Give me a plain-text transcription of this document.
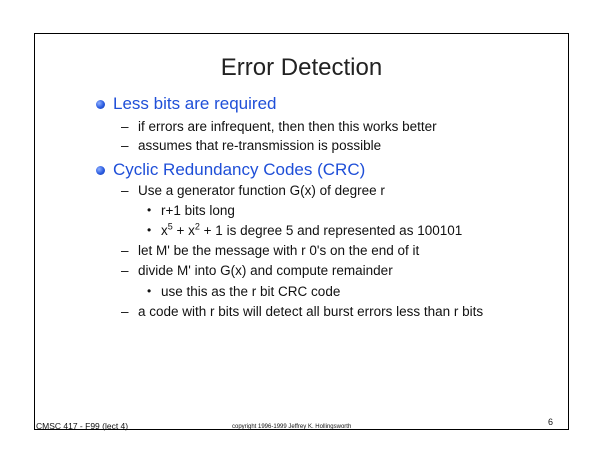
Error Detection
Less bits are required
– if errors are infrequent, then then this works better
– assumes that re-transmission is possible
Cyclic Redundancy Codes (CRC)
– Use a generator function G(x) of degree r
• r+1 bits long
• $x^5 + x^2 + 1$ is degree 5 and represented as 100101
– let M' be the message with r 0's on the end of it
– divide M' into G(x) and compute remainder
• use this as the r bit CRC code
– a code with r bits will detect all burst errors less than r bits
CMSC 417 - F99 (lect 4)	copyright 1996-1999 Jeffrey K. Hollingsworth	6
